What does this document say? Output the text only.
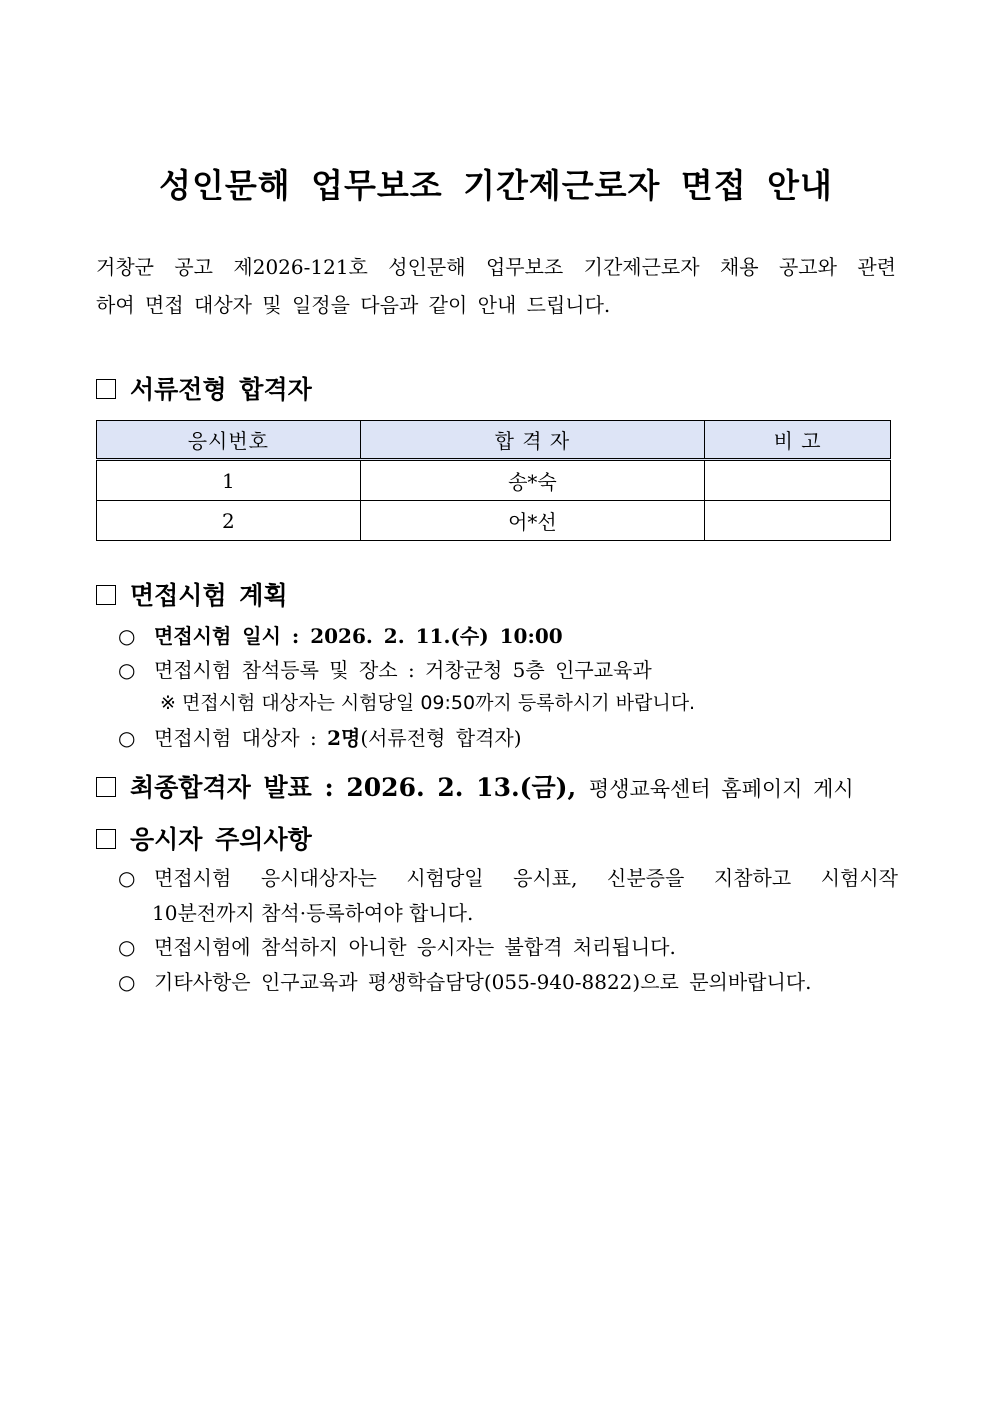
성인문해 업무보조 기간제근로자 면접 안내
거창군 공고 제2026-121호 성인문해 업무보조 기간제근로자 채용 공고와 관련
하여 면접 대상자 및 일정을 다음과 같이 안내 드립니다.
서류전형 합격자
응시번호	합 격 자	비 고
1	송*숙	
2	어*선	
면접시험 계획
○ 면접시험 일시 : 2026. 2. 11.(수) 10:00
○ 면접시험 참석등록 및 장소 : 거창군청 5층 인구교육과
※ 면접시험 대상자는 시험당일 09:50까지 등록하시기 바랍니다.
○ 면접시험 대상자 : 2명(서류전형 합격자)
최종합격자 발표 : 2026. 2. 13.(금), 평생교육센터 홈페이지 게시
응시자 주의사항
○ 면접시험 응시대상자는 시험당일 응시표, 신분증을 지참하고 시험시작
10분전까지 참석·등록하여야 합니다.
○ 면접시험에 참석하지 아니한 응시자는 불합격 처리됩니다.
○ 기타사항은 인구교육과 평생학습담당(055-940-8822)으로 문의바랍니다.
